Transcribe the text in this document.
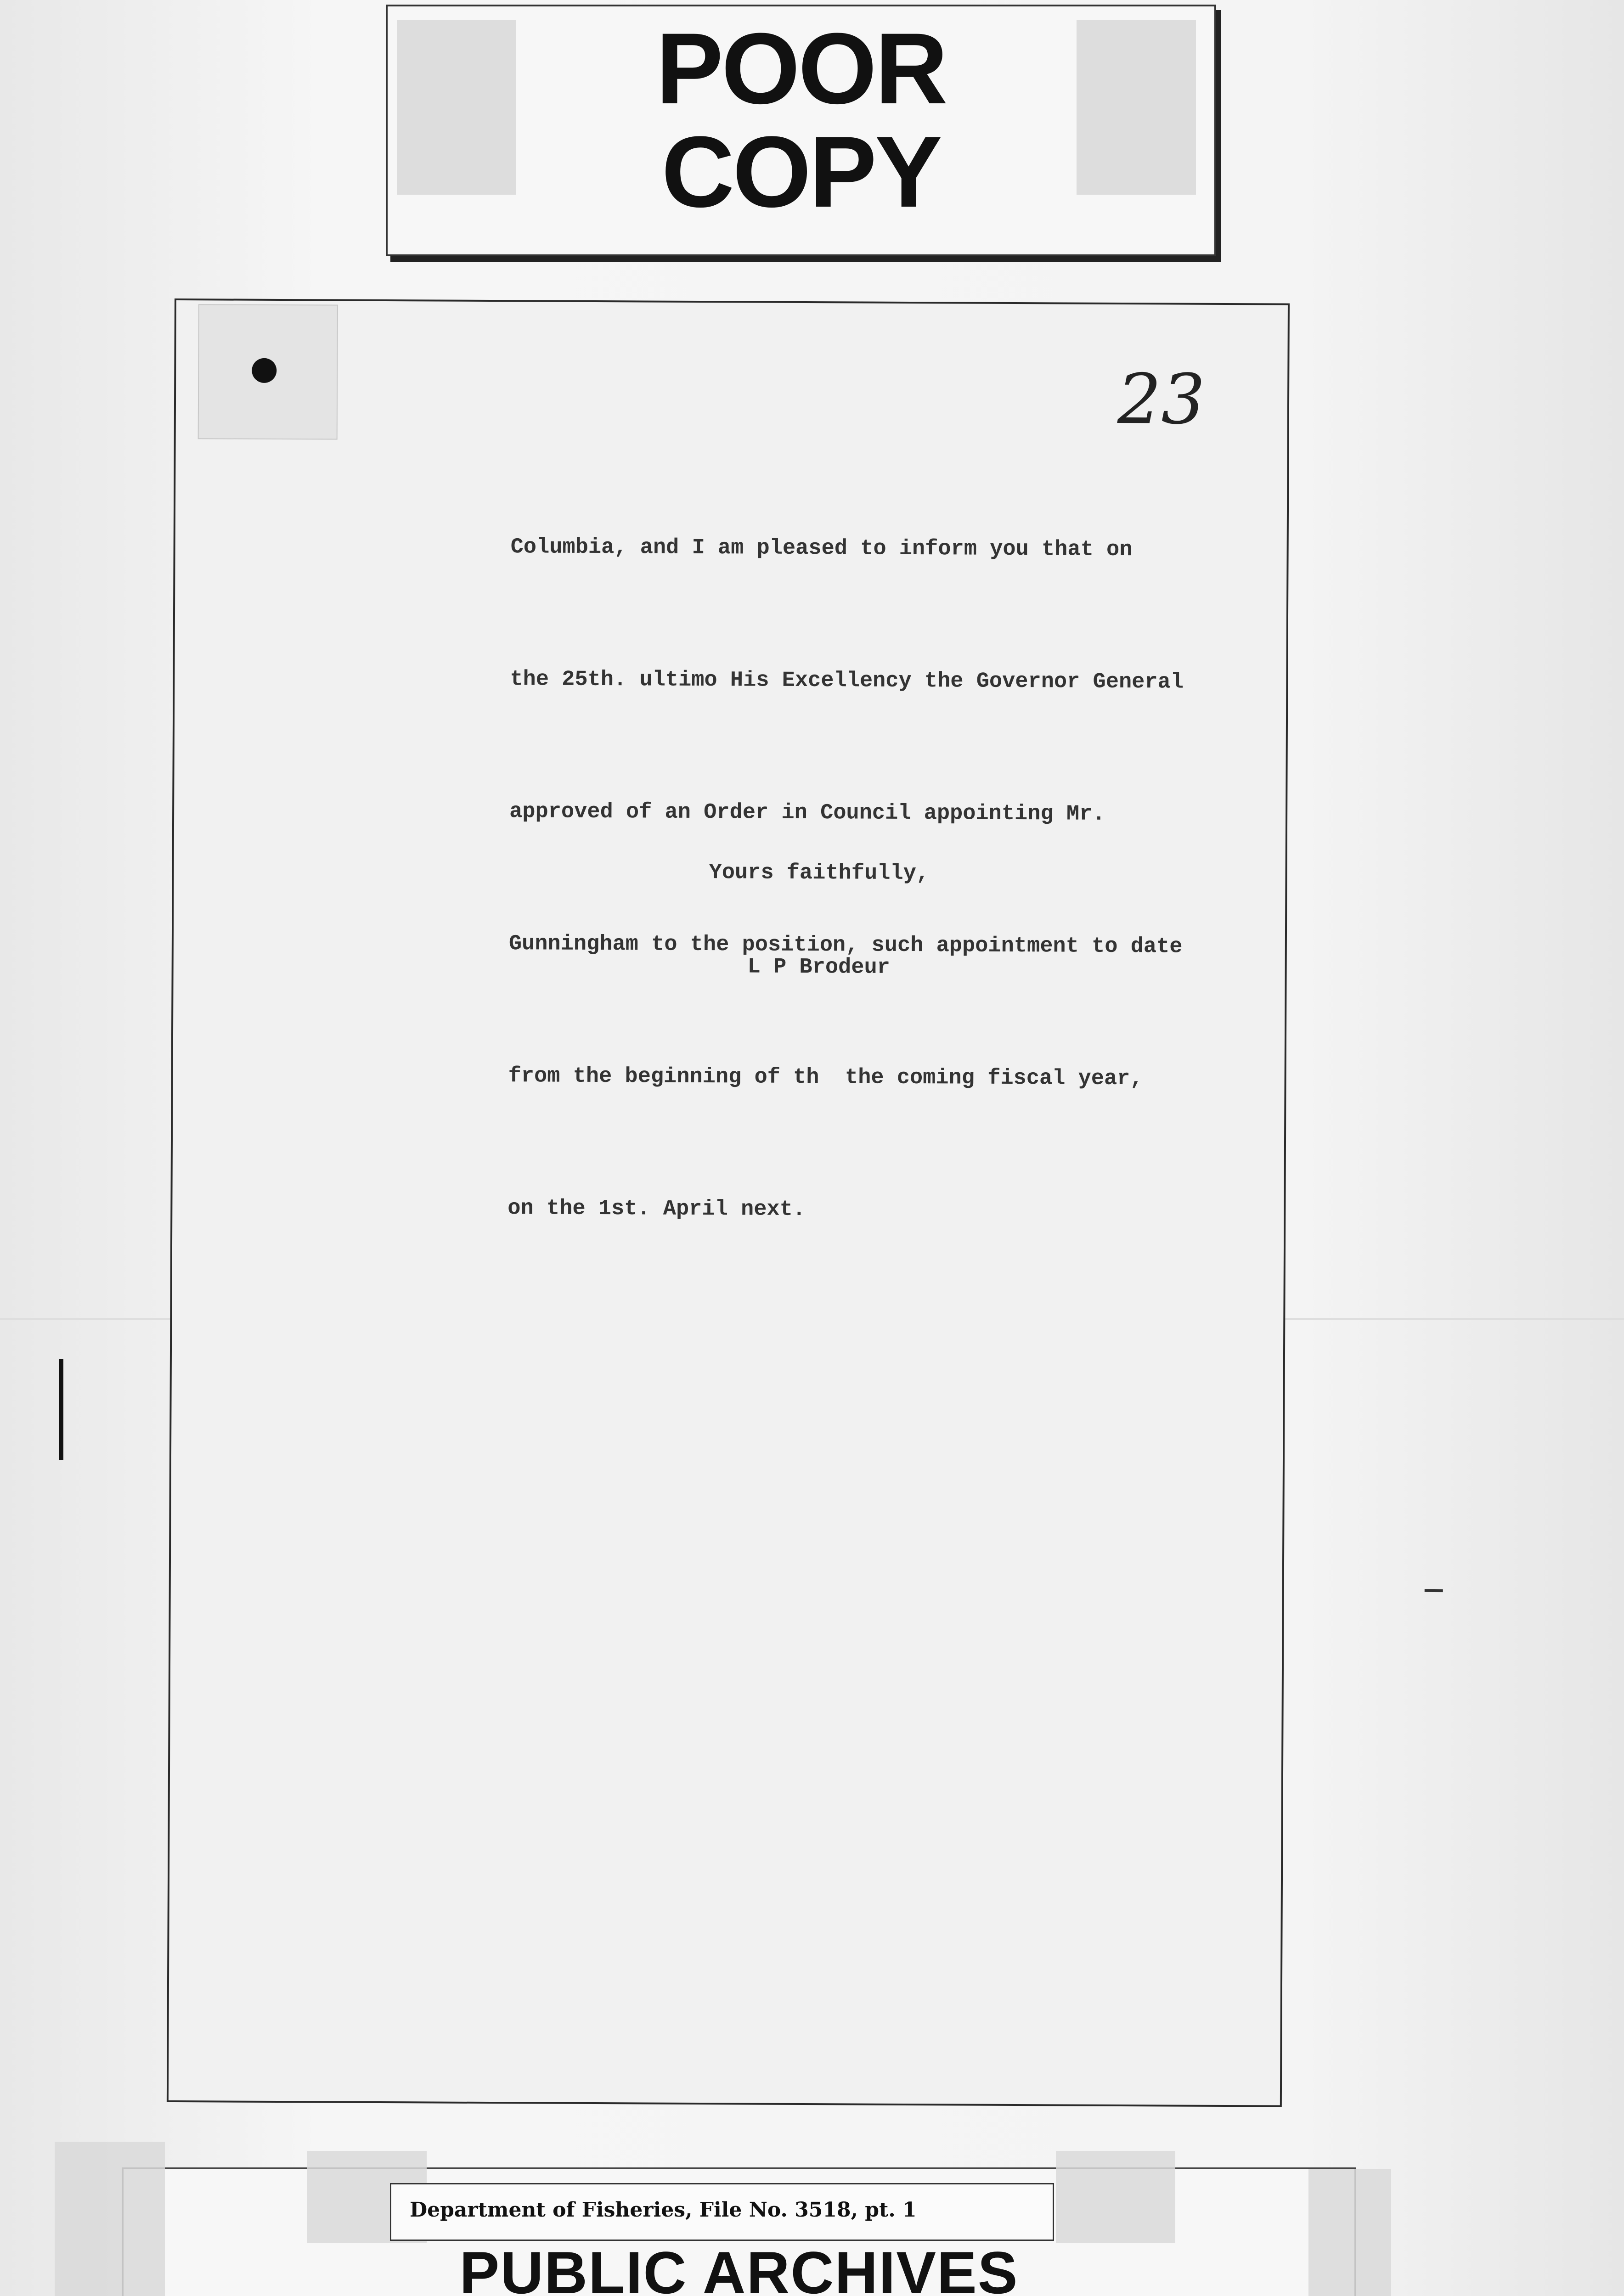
POOR
COPY
23

Columbia, and I am pleased to inform you that on

the 25th. ultimo His Excellency the Governor General

approved of an Order in Council appointing Mr.

Gunningham to the position, such appointment to date

from the beginning of th  the coming fiscal year,

on the 1st. April next.

Yours faithfully,
L P Brodeur
Department of Fisheries, File No. 3518, pt. 1
PUBLIC ARCHIVES
